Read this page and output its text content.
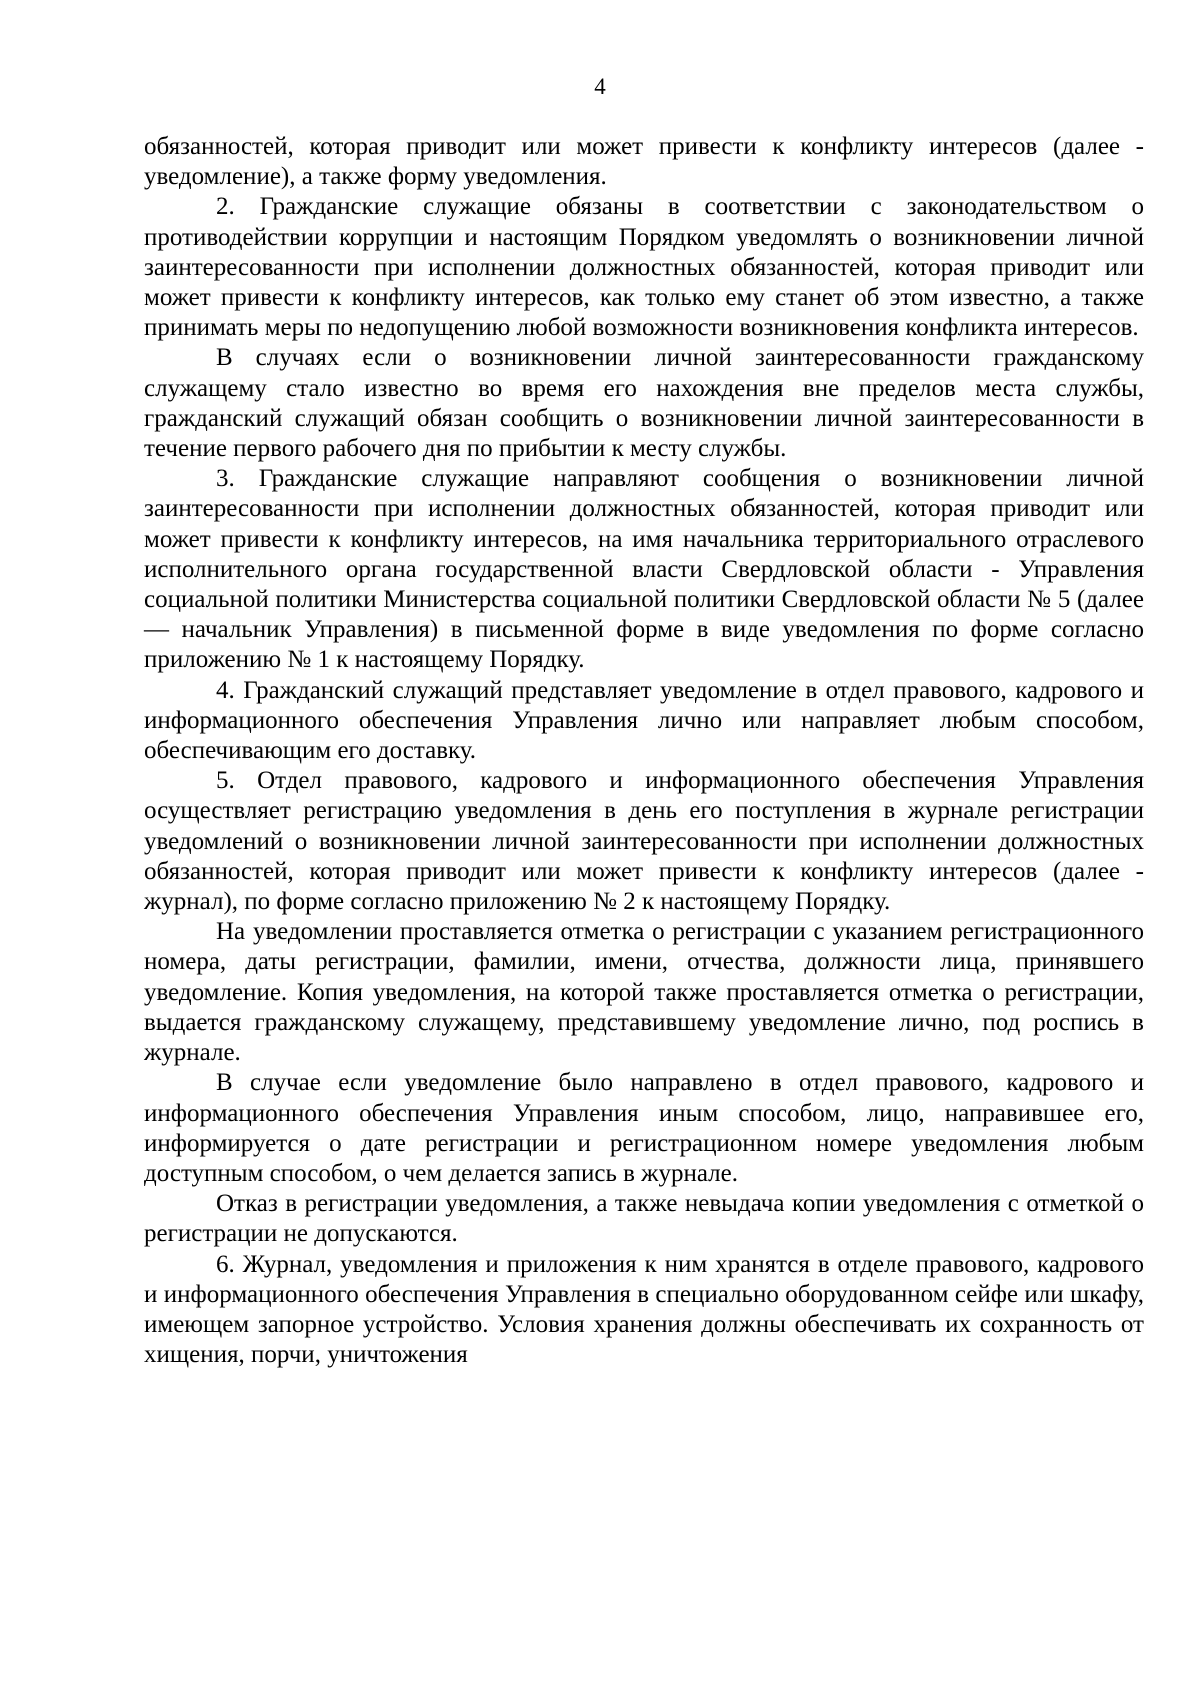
4

обязанностей, которая приводит или может привести к конфликту интересов (далее - уведомление), а также форму уведомления.

2. Гражданские служащие обязаны в соответствии с законодательством о противодействии коррупции и настоящим Порядком уведомлять о возникновении личной заинтересованности при исполнении должностных обязанностей, которая приводит или может привести к конфликту интересов, как только ему станет об этом известно, а также принимать меры по недопущению любой возможности возникновения конфликта интересов.

В случаях если о возникновении личной заинтересованности гражданскому служащему стало известно во время его нахождения вне пределов места службы, гражданский служащий обязан сообщить о возникновении личной заинтересованности в течение первого рабочего дня по прибытии к месту службы.

3. Гражданские служащие направляют сообщения о возникновении личной заинтересованности при исполнении должностных обязанностей, которая приводит или может привести к конфликту интересов, на имя начальника территориального отраслевого исполнительного органа государственной власти Свердловской области - Управления социальной политики Министерства социальной политики Свердловской области № 5 (далее — начальник Управления) в письменной форме в виде уведомления по форме согласно приложению № 1 к настоящему Порядку.

4. Гражданский служащий представляет уведомление в отдел правового, кадрового и информационного обеспечения Управления лично или направляет любым способом, обеспечивающим его доставку.

5. Отдел правового, кадрового и информационного обеспечения Управления осуществляет регистрацию уведомления в день его поступления в журнале регистрации уведомлений о возникновении личной заинтересованности при исполнении должностных обязанностей, которая приводит или может привести к конфликту интересов (далее - журнал), по форме согласно приложению № 2 к настоящему Порядку.

На уведомлении проставляется отметка о регистрации с указанием регистрационного номера, даты регистрации, фамилии, имени, отчества, должности лица, принявшего уведомление. Копия уведомления, на которой также проставляется отметка о регистрации, выдается гражданскому служащему, представившему уведомление лично, под роспись в журнале.

В случае если уведомление было направлено в отдел правового, кадрового и информационного обеспечения Управления иным способом, лицо, направившее его, информируется о дате регистрации и регистрационном номере уведомления любым доступным способом, о чем делается запись в журнале.

Отказ в регистрации уведомления, а также невыдача копии уведомления с отметкой о регистрации не допускаются.

6. Журнал, уведомления и приложения к ним хранятся в отделе правового, кадрового и информационного обеспечения Управления в специально оборудованном сейфе или шкафу, имеющем запорное устройство. Условия хранения должны обеспечивать их сохранность от хищения, порчи, уничтожения
